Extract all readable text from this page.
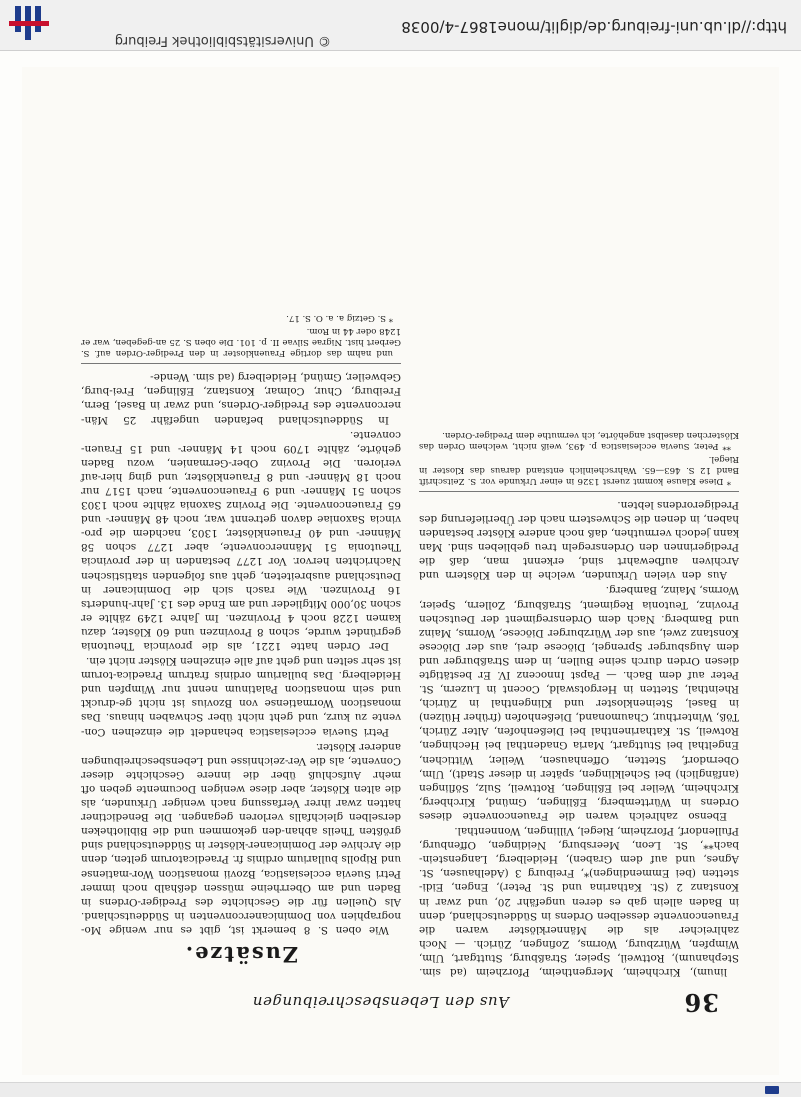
36
Aus den Lebensbeschreibungen

linum), Kirchheim, Mergentheim, Pforzheim (ad sim. Stephanum), Rottweil, Speier, Straßburg, Stuttgart, Ulm, Wimpfen, Würzburg, Worms, Zofingen, Zürich. — Noch zahlreicher als die Männerklöster waren die Frauenconvente desselben Ordens in Süddeutschland, denn in Baden allein gab es deren ungefähr 20, und zwar in Konstanz 2 (St. Katharina und St. Peter), Engen, Eidi-stetten (bei Emmendingen)*, Freiburg 3 (Adelhausen, St. Agnes, und auf dem Graben), Heidelberg, Langenstein-bach**, St. Leon, Meersburg, Neidingen, Offenburg, Pfullendorf, Pforzheim, Riegel, Villingen, Wonnenthal.

Ebenso zahlreich waren die Frauenconvente dieses Ordens in Württemberg, Eßlingen, Gmünd, Kirchberg, Kirchheim, Weiler bei Eßlingen, Rottweil, Sulz, Söflingen (anfänglich) bei Schelklingen, später in dieser Stadt), Ulm, Oberndorf, Stetten, Offenhausen, Weiler, Wittichen, Engelthal bei Stuttgart, Maria Gnadenthal bei Hechingen, Rotweil, St. Katharinenthal bei Dießenhofen, Alter Zürich, Töß, Winterthur, Chaumonand, Dießenhofen (früher Hülzen) in Basel, Steinenkloster und Klingenthal in Zürich, Rheinthal, Stetten in Hergotswald, Cocent in Luzern, St. Peter auf dem Bach. — Papst Innocenz IV. Er bestätigte diesen Orden durch seine Bullen, in dem Straßburger und dem Augsburger Sprengel, Diöcese drei, aus der Diöcese Konstanz zwei, aus der Würzburger Diöcese, Worms, Mainz und Bamberg. Nach dem Ordensregiment der Deutschen Provinz, Teutonia Regiment, Straßburg, Zollern, Speier, Worms, Mainz, Bamberg.

Aus den vielen Urkunden, welche in den Klöstern und Archiven aufbewahrt sind, erkennt man, daß die Predigerinnen den Ordensregeln treu geblieben sind. Man kann jedoch vermuthen, daß noch andere Klöster bestanden haben, in denen die Schwestern nach der Überlieferung des Predigerordens lebten.

* Diese Klause kommt zuerst 1326 in einer Urkunde vor. S. Zeitschrift Band 12 S. 463—65. Wahrscheinlich entstand daraus das Kloster in Riegel.

** Peter, Suevia ecclesiastica p. 493, weiß nicht, welchem Orden das Klösterchen daselbst angehörte, ich vermuthe dem Prediger-Orden.

Zusätze.

Wie oben S. 8 bemerkt ist, gibt es nur wenige Mo-nographien von Dominicanerconventen in Süddeutschland. Als Quellen für die Geschichte des Prediger-Ordens in Baden und am Oberrheine müssen deßhalb noch immer Petri Suevia ecclesiastica, Bzovii monasticon Wor-matiense und Ripolls bullarium ordinis fr. Praedicatorum gelten, denn die Archive der Dominicaner-klöster in Süddeutschland sind größten Theils abhan-den gekommen und die Bibliotheken derselben gleichfalls verloren gegangen. Die Benedictiner hatten zwar ihrer Verfassung nach weniger Urkunden, als die alten Klöster, aber diese wenigen Documente geben oft mehr Aufschluß über die innere Geschichte dieser Convente, als die Ver-zeichnisse und Lebensbeschreibungen anderer Klöster.

Petri Suevia ecclesiastica behandelt die einzelnen Con-vente zu kurz, und geht nicht über Schwaben hinaus. Das monasticon Wormatiense von Bzovius ist nicht ge-druckt und sein monasticon Palatinum nennt nur Wimpfen und Heidelberg. Das bullarium ordinis fratrum Praedica-torum ist sehr selten und geht auf alle einzelnen Klöster nicht ein.

Der Orden hatte 1221, als die provincia Theutonia gegründet wurde, schon 8 Provinzen und 60 Klöster, dazu kamen 1228 noch 4 Provinzen. Im Jahre 1249 zählte er schon 30,000 Mitglieder und am Ende des 13. Jahr-hunderts 16 Provinzen. Wie rasch sich die Dominicaner in Deutschland ausbreiteten, geht aus folgenden statistischen Nachrichten hervor. Vor 1277 bestanden in der provincia Theutonia 51 Männerconvente, aber 1277 schon 58 Männer- und 40 Frauenklöster, 1303, nachdem die pro-vincia Saxoniae davon getrennt war, noch 48 Männer- und 65 Frauenconvente. Die Provinz Saxonia zählte noch 1303 schon 51 Männer- und 9 Frauenconvente, nach 1517 nur noch 18 Männer- und 8 Frauenklöster, und ging hier-auf verloren. Die Provinz Ober-Germanien, wozu Baden gehörte, zählte 1709 noch 14 Männer- und 15 Frauen-convente.

In Süddeutschland befanden ungefähr 25 Män-nerconvente des Prediger-Ordens, und zwar in Basel, Bern, Freiburg, Chur, Colmar, Konstanz, Eßlingen, Frei-burg, Gebweiler, Gmünd, Heidelberg (ad sim. Wende-

und nahm das dortige Frauenkloster in den Prediger-Orden auf. S. Gerbert hist. Nigrae Silvae II. p. 101. Die oben S. 25 an-gegeben, war er 1248 oder 44 in Rom.

* S. Getzig a. a. O. S. 17.

http://dl.ub.uni-freiburg.de/diglit/mone1867-4/0038
© Universitätsbibliothek Freiburg
